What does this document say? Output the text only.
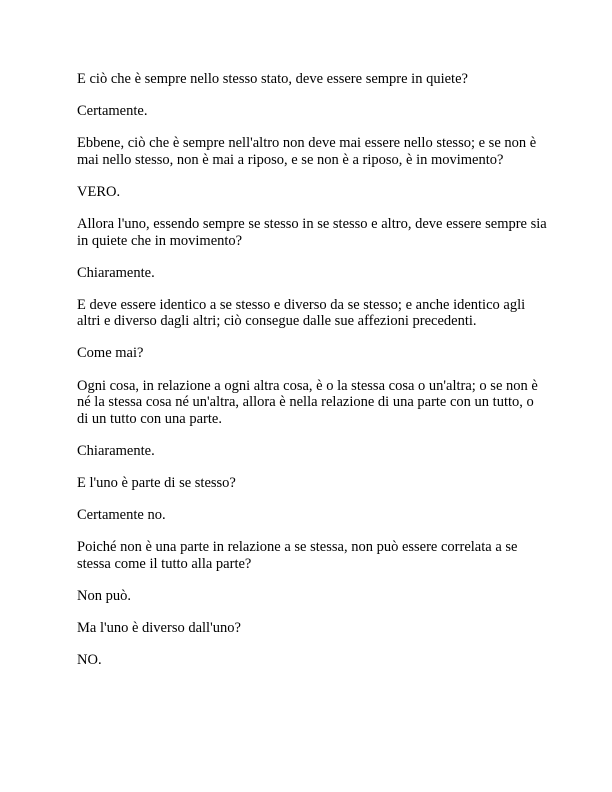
E ciò che è sempre nello stesso stato, deve essere sempre in quiete?

Certamente.

Ebbene, ciò che è sempre nell'altro non deve mai essere nello stesso; e se non è mai nello stesso, non è mai a riposo, e se non è a riposo, è in movimento?

VERO.

Allora l'uno, essendo sempre se stesso in se stesso e altro, deve essere sempre sia in quiete che in movimento?

Chiaramente.

E deve essere identico a se stesso e diverso da se stesso; e anche identico agli altri e diverso dagli altri; ciò consegue dalle sue affezioni precedenti.

Come mai?

Ogni cosa, in relazione a ogni altra cosa, è o la stessa cosa o un'altra; o se non è né la stessa cosa né un'altra, allora è nella relazione di una parte con un tutto, o di un tutto con una parte.

Chiaramente.

E l'uno è parte di se stesso?

Certamente no.

Poiché non è una parte in relazione a se stessa, non può essere correlata a se stessa come il tutto alla parte?

Non può.

Ma l'uno è diverso dall'uno?

NO.
